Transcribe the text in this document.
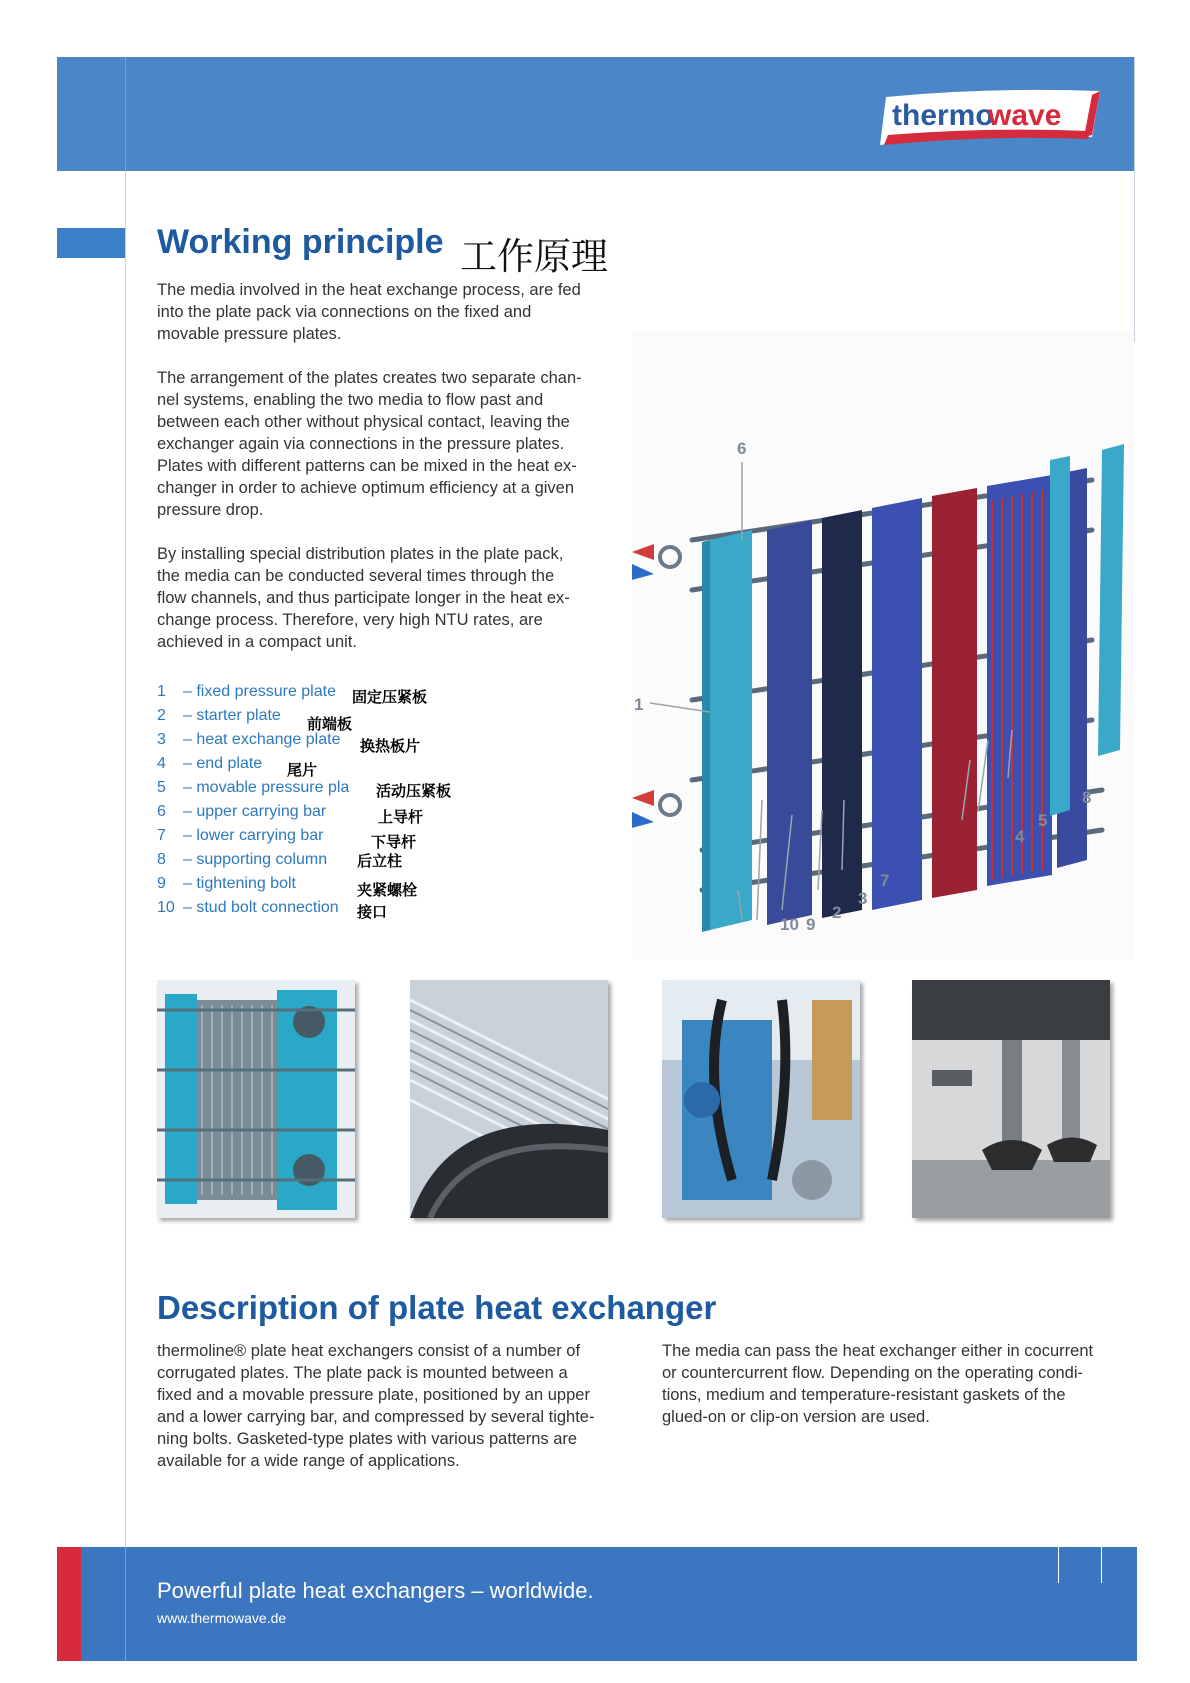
thermo
wave
Working principle 工作原理
The media involved in the heat exchange process, are fed
into the plate pack via connections on the fixed and
movable pressure plates.
The arrangement of the plates creates two separate chan-
nel systems, enabling the two media to flow past and
between each other without physical contact, leaving the
exchanger again via connections in the pressure plates.
Plates with different patterns can be mixed in the heat ex-
changer in order to achieve optimum efficiency at a given
pressure drop.
By installing special distribution plates in the plate pack,
the media can be conducted several times through the
flow channels, and thus participate longer in the heat ex-
change process. Therefore, very high NTU rates, are
achieved in a compact unit.
1 – fixed pressure plate
2 – starter plate
3 – heat exchange plate
4 – end plate
5 – movable pressure pla
6 – upper carrying bar
7 – lower carrying bar
8 – supporting column
9 – tightening bolt
10 – stud bolt connection
固定压紧板
前端板
换热板片
尾片
活动压紧板
上导杆
下导杆
后立柱
夹紧螺栓
接口
6
1
10 9
2
3
7
4
5
8
Description of plate heat exchanger
thermoline® plate heat exchangers consist of a number of
corrugated plates. The plate pack is mounted between a
fixed and a movable pressure plate, positioned by an upper
and a lower carrying bar, and compressed by several tighte-
ning bolts. Gasketed-type plates with various patterns are
available for a wide range of applications.
The media can pass the heat exchanger either in cocurrent
or countercurrent flow. Depending on the operating condi-
tions, medium and temperature-resistant gaskets of the
glued-on or clip-on version are used.
Powerful plate heat exchangers – worldwide.
www.thermowave.de
